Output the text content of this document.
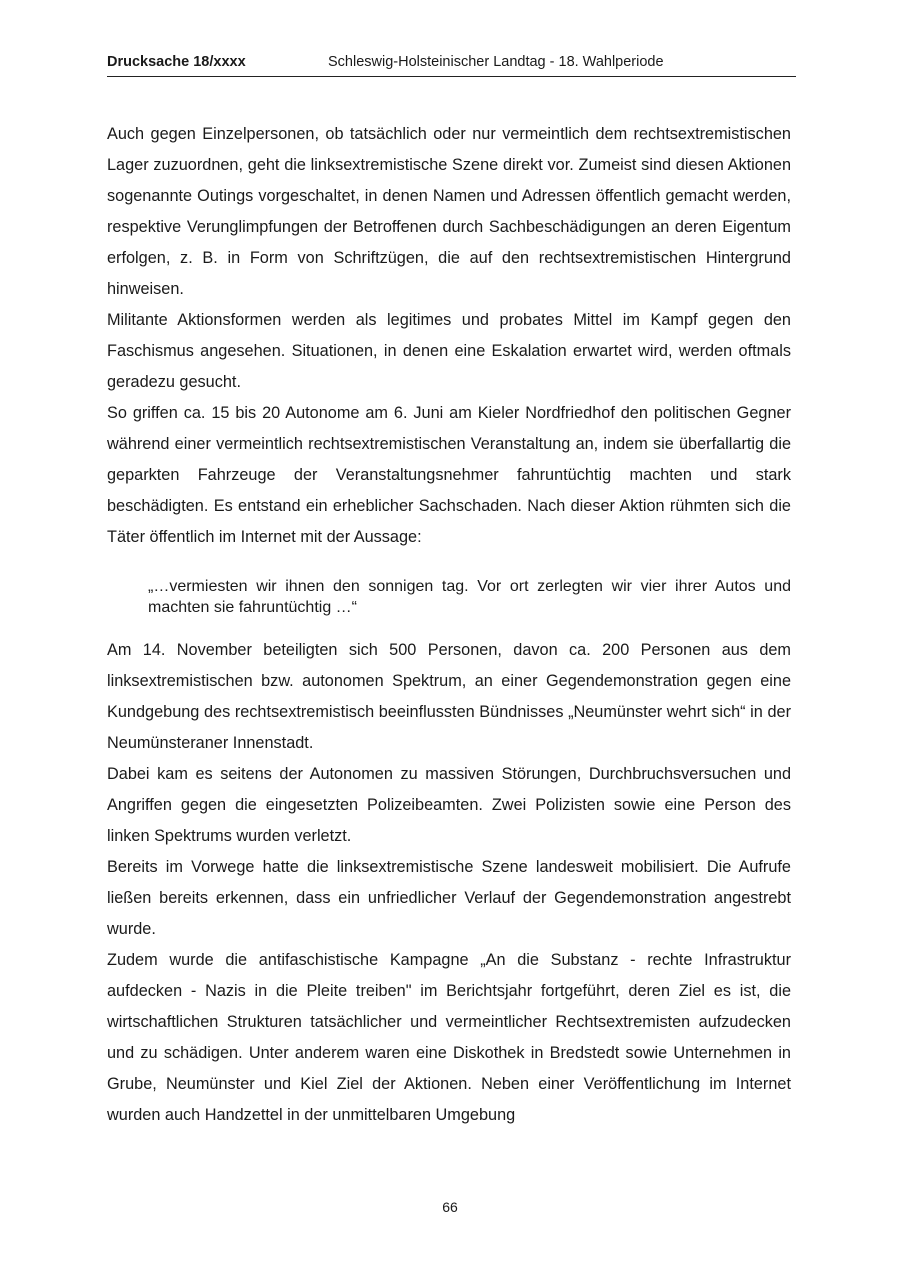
Drucksache 18/xxxx	Schleswig-Holsteinischer Landtag - 18. Wahlperiode

Auch gegen Einzelpersonen, ob tatsächlich oder nur vermeintlich dem rechtsextremistischen Lager zuzuordnen, geht die linksextremistische Szene direkt vor. Zumeist sind diesen Aktionen sogenannte Outings vorgeschaltet, in denen Namen und Adressen öffentlich gemacht werden, respektive Verunglimpfungen der Betroffenen durch Sachbeschädigungen an deren Eigentum erfolgen, z. B. in Form von Schriftzügen, die auf den rechtsextremistischen Hintergrund hinweisen.

Militante Aktionsformen werden als legitimes und probates Mittel im Kampf gegen den Faschismus angesehen. Situationen, in denen eine Eskalation erwartet wird, werden oftmals geradezu gesucht.

So griffen ca. 15 bis 20 Autonome am 6. Juni am Kieler Nordfriedhof den politischen Gegner während einer vermeintlich rechtsextremistischen Veranstaltung an, indem sie überfallartig die geparkten Fahrzeuge der Veranstaltungsnehmer fahruntüchtig machten und stark beschädigten. Es entstand ein erheblicher Sachschaden. Nach dieser Aktion rühmten sich die Täter öffentlich im Internet mit der Aussage:

„…vermiesten wir ihnen den sonnigen tag. Vor ort zerlegten wir vier ihrer Autos und machten sie fahruntüchtig …“

Am 14. November beteiligten sich 500 Personen, davon ca. 200 Personen aus dem linksextremistischen bzw. autonomen Spektrum, an einer Gegendemonstration gegen eine Kundgebung des rechtsextremistisch beeinflussten Bündnisses „Neumünster wehrt sich“ in der Neumünsteraner Innenstadt.

Dabei kam es seitens der Autonomen zu massiven Störungen, Durchbruchsversuchen und Angriffen gegen die eingesetzten Polizeibeamten. Zwei Polizisten sowie eine Person des linken Spektrums wurden verletzt.

Bereits im Vorwege hatte die linksextremistische Szene landesweit mobilisiert. Die Aufrufe ließen bereits erkennen, dass ein unfriedlicher Verlauf der Gegendemonstration angestrebt wurde.

Zudem wurde die antifaschistische Kampagne „An die Substanz - rechte Infrastruktur aufdecken - Nazis in die Pleite treiben" im Berichtsjahr fortgeführt, deren Ziel es ist, die wirtschaftlichen Strukturen tatsächlicher und vermeintlicher Rechtsextremisten aufzudecken und zu schädigen. Unter anderem waren eine Diskothek in Bredstedt sowie Unternehmen in Grube, Neumünster und Kiel Ziel der Aktionen. Neben einer Veröffentlichung im Internet wurden auch Handzettel in der unmittelbaren Umgebung

66
